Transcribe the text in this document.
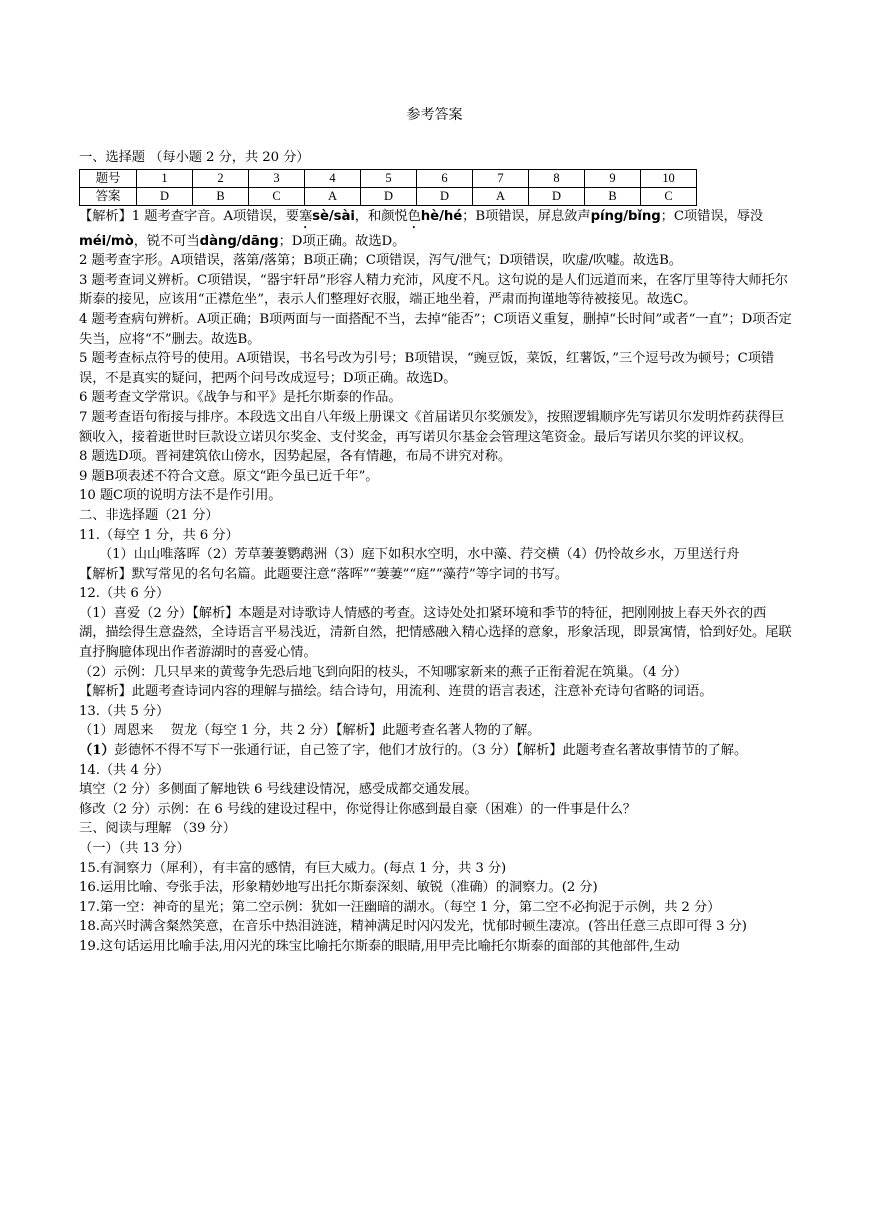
参考答案

一、选择题 （每小题 2 分，共 20 分）

题号	1	2	3	4	5	6	7	8	9	10
答案	D	B	C	A	D	D	A	D	B	C

【解析】1 题考查字音。A项错误，要塞sè/sài，和颜悦色hè/hé；B项错误，屏息敛声píng/bǐng；C项错误，辱没méi/mò，锐不可当dàng/dāng；D项正确。故选D。

2 题考查字形。A项错误，落第/落第；B项正确；C项错误，泻气/泄气；D项错误，吹虚/吹嘘。故选B。

3 题考查词义辨析。C项错误，“器宇轩昂”形容人精力充沛，风度不凡。这句说的是人们远道而来，在客厅里等待大师托尔斯泰的接见，应该用“正襟危坐”，表示人们整理好衣服，端正地坐着，严肃而拘谨地等待被接见。故选C。

4 题考查病句辨析。A项正确；B项两面与一面搭配不当，去掉“能否”；C项语义重复，删掉“长时间”或者“一直”；D项否定失当，应将“不”删去。故选B。

5 题考查标点符号的使用。A项错误，书名号改为引号；B项错误，“豌豆饭，菜饭，红薯饭，”三个逗号改为顿号；C项错误，不是真实的疑问，把两个问号改成逗号；D项正确。故选D。

6 题考查文学常识。《战争与和平》是托尔斯泰的作品。

7 题考查语句衔接与排序。本段选文出自八年级上册课文《首届诺贝尔奖颁发》，按照逻辑顺序先写诺贝尔发明炸药获得巨额收入，接着逝世时巨款设立诺贝尔奖金、支付奖金，再写诺贝尔基金会管理这笔资金。最后写诺贝尔奖的评议权。

8 题选D项。晋祠建筑依山傍水，因势起屋，各有情趣，布局不讲究对称。

9 题B项表述不符合文意。原文“距今虽已近千年”。

10 题C项的说明方法不是作引用。

二、非选择题（21 分）

11.（每空 1 分，共 6 分）

（1）山山唯落晖（2）芳草萋萋鹦鹉洲（3）庭下如积水空明，水中藻、荇交横（4）仍怜故乡水，万里送行舟

【解析】默写常见的名句名篇。此题要注意“落晖”“萋萋”“庭”“藻荇”等字词的书写。

12.（共 6 分）

（1）喜爱（2 分）【解析】本题是对诗歌诗人情感的考查。这诗处处扣紧环境和季节的特征，把刚刚披上春天外衣的西湖，描绘得生意盎然，全诗语言平易浅近，清新自然，把情感融入精心选择的意象，形象活现，即景寓情，恰到好处。尾联直抒胸臆体现出作者游湖时的喜爱心情。

（2）示例：几只早来的黄莺争先恐后地飞到向阳的枝头，不知哪家新来的燕子正衔着泥在筑巢。（4 分）

【解析】此题考查诗词内容的理解与描绘。结合诗句，用流利、连贯的语言表述，注意补充诗句省略的词语。

13.（共 5 分）

（1）周恩来　 贺龙（每空 1 分，共 2 分）【解析】此题考查名著人物的了解。

（1）彭德怀不得不写下一张通行证，自己签了字，他们才放行的。（3 分）【解析】此题考查名著故事情节的了解。

14.（共 4 分）

填空（2 分）多侧面了解地铁 6 号线建设情况，感受成都交通发展。

修改（2 分）示例：在 6 号线的建设过程中，你觉得让你感到最自豪（困难）的一件事是什么？

三、阅读与理解 （39 分）

（一）（共 13 分）

15.有洞察力（犀利），有丰富的感情，有巨大威力。(每点 1 分，共 3 分)

16.运用比喻、夸张手法，形象精妙地写出托尔斯泰深刻、敏锐（准确）的洞察力。(2 分)

17.第一空：神奇的星光；第二空示例：犹如一汪幽暗的湖水。（每空 1 分，第二空不必拘泥于示例，共 2 分）

18.高兴时满含粲然笑意，在音乐中热泪涟涟，精神满足时闪闪发光，忧郁时顿生凄凉。(答出任意三点即可得 3 分)

19.这句话运用比喻手法,用闪光的珠宝比喻托尔斯泰的眼睛,用甲壳比喻托尔斯泰的面部的其他部件,生动
